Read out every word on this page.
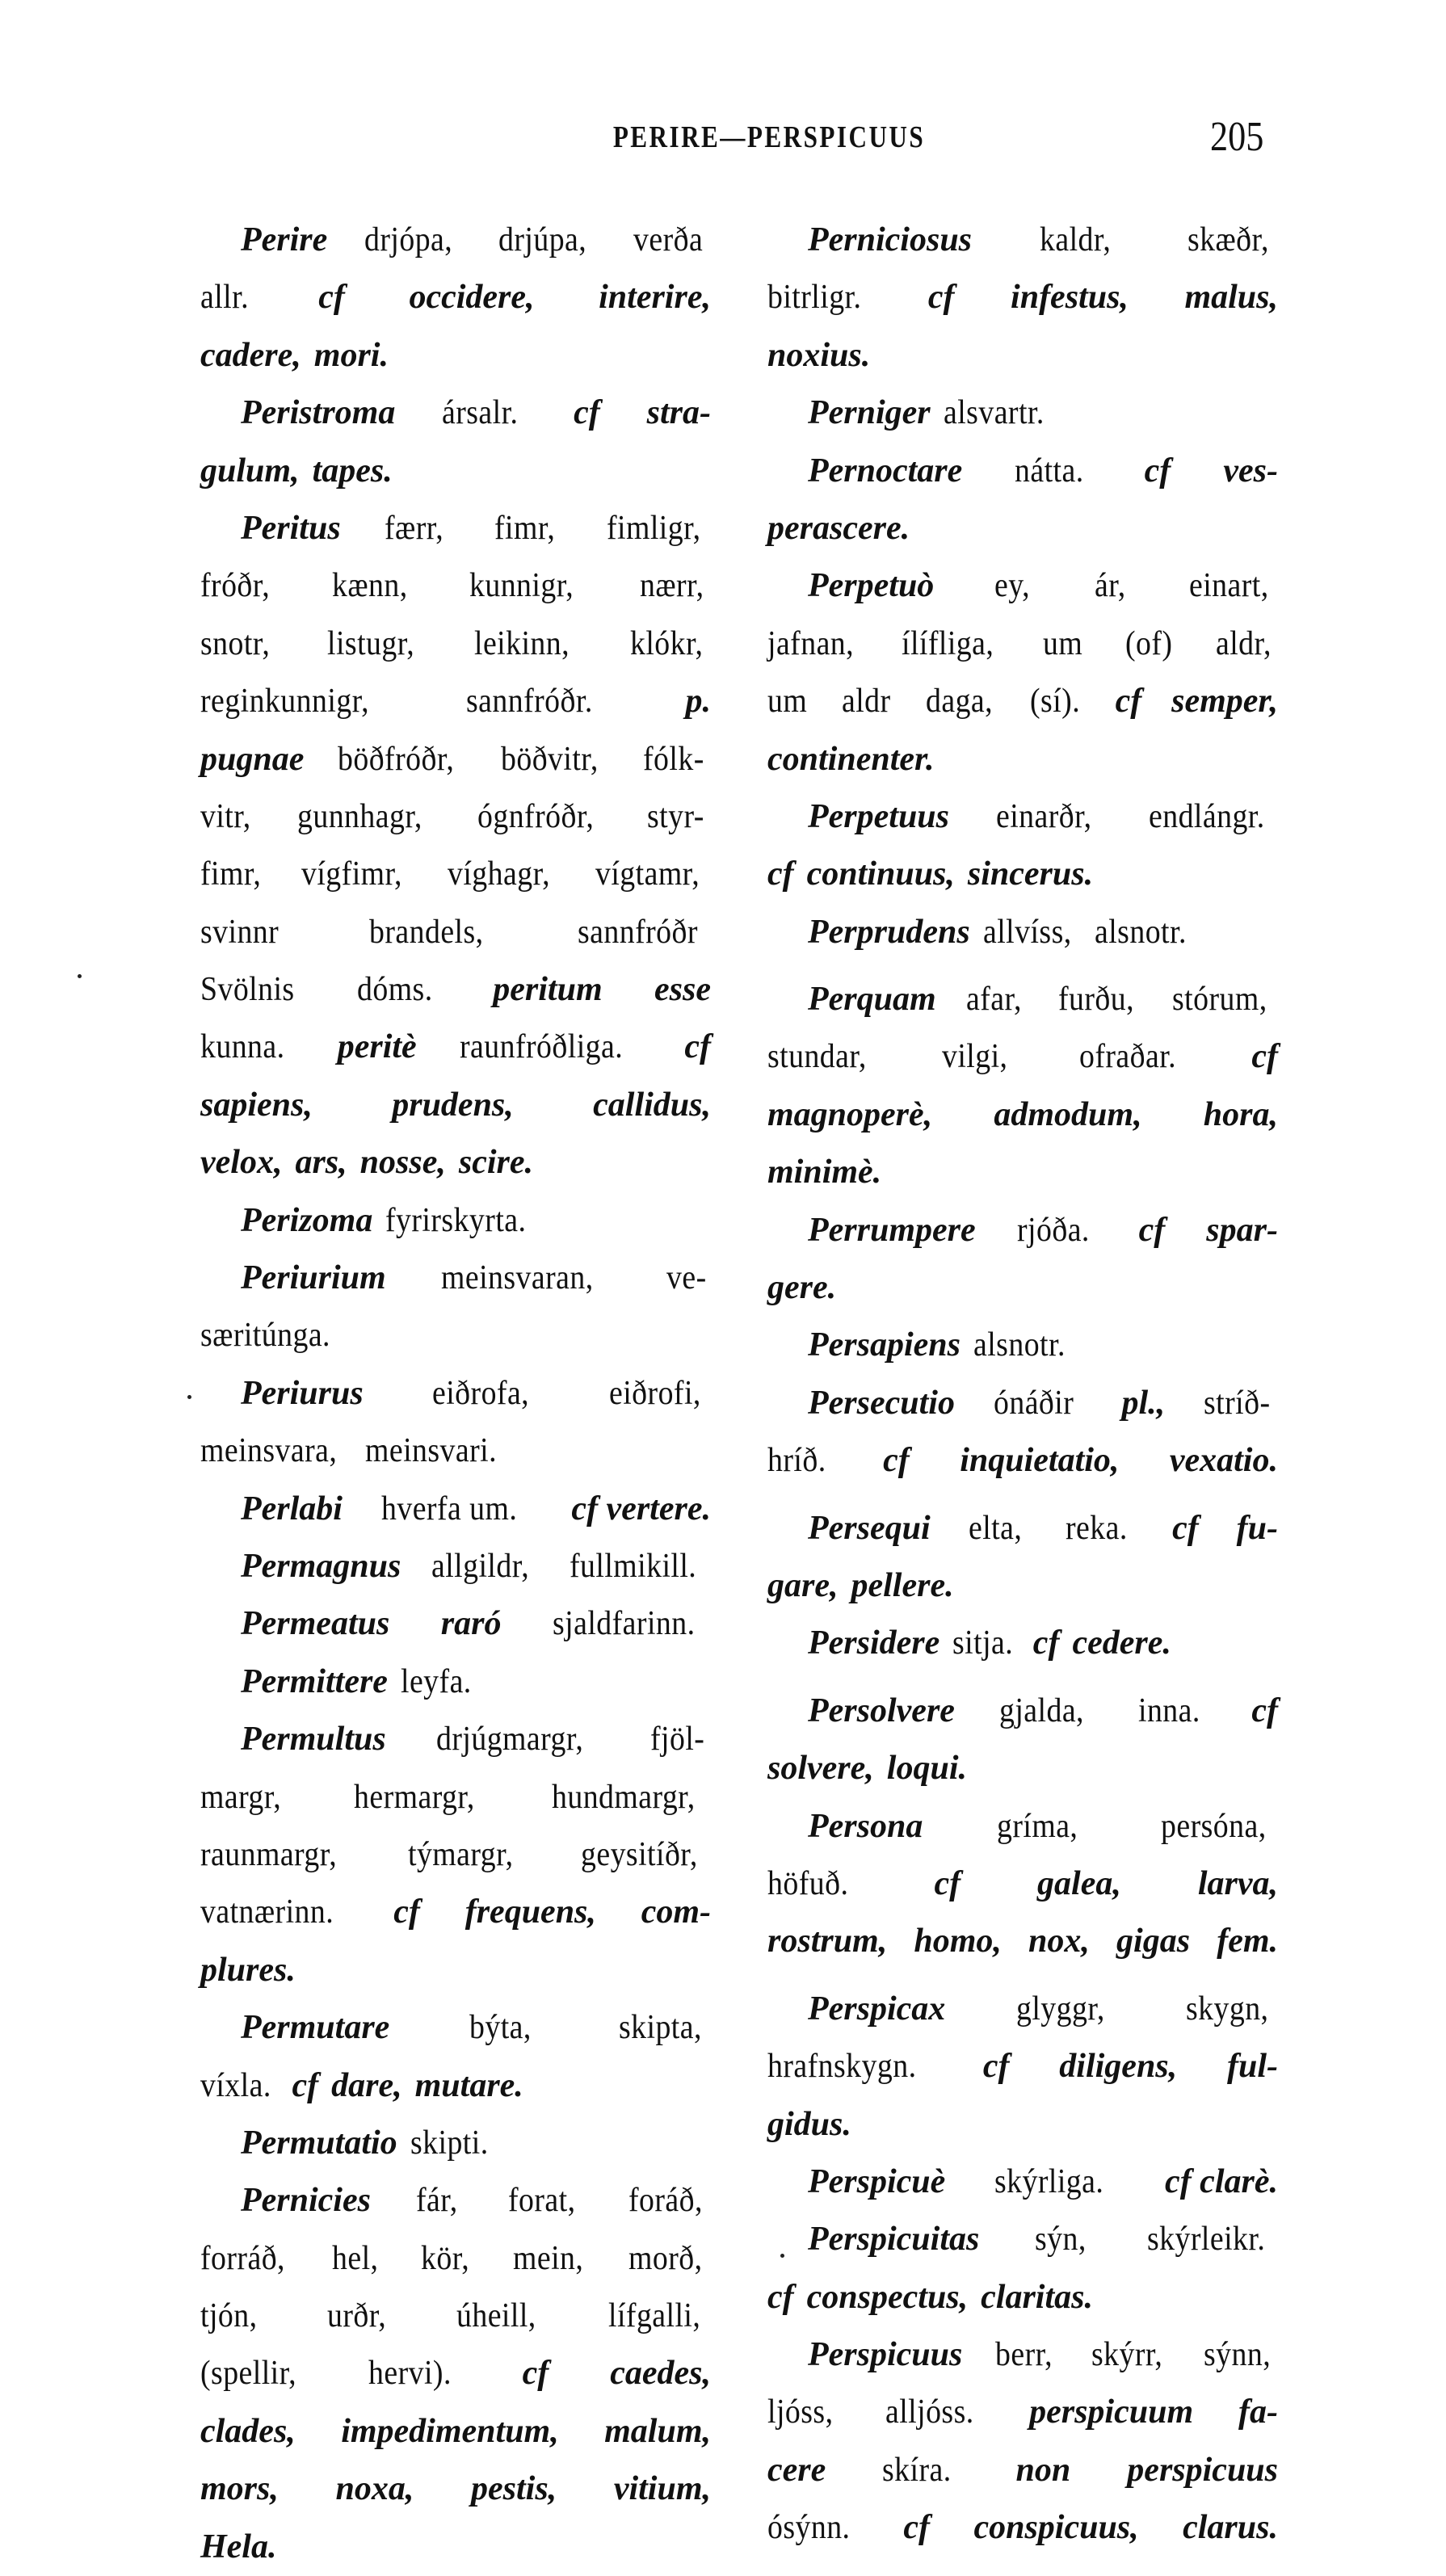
PERIRE—PERSPICUUS	205
Perire drjópa, drjúpa, verða
allr. cf occidere, interire,
cadere, mori.
Peristroma ársalr. cf stra-
gulum, tapes.
Peritus færr, fimr, fimligr,
fróðr, kænn, kunnigr, nærr,
snotr, listugr, leikinn, klókr,
reginkunnigr,	sannfróðr.	p.
pugnae böðfróðr, böðvitr, fólk-
vitr, gunnhagr, ógnfróðr, styr-
fimr, vígfimr, víghagr, vígtamr,
svinnr	brandels,	sannfróðr
Svölnis dóms. peritum esse
kunna. peritè raunfróðliga. cf
sapiens, prudens, callidus,
velox, ars, nosse, scire.
Perizoma fyrirskyrta.
Periurium meinsvaran, ve-
særitúnga.
Periurus eiðrofa, eiðrofi,
meinsvara, meinsvari.
Perlabi hverfa um. cf vertere.
Permagnus allgildr, fullmikill.
Permeatus raró sjaldfarinn.
Permittere leyfa.
Permultus drjúgmargr, fjöl-
margr, hermargr, hundmargr,
raunmargr, týmargr, geysitíðr,
vatnærinn. cf frequens, com-
plures.
Permutare býta,	skipta,
víxla. cf dare, mutare.
Permutatio skipti.
Pernicies fár, forat, foráð,
forráð, hel, kör, mein, morð,
tjón, urðr, úheill, lífgalli,
(spellir, hervi). cf caedes,
clades, impedimentum, malum,
mors, noxa, pestis, vitium,
Hela.
Perniciosus kaldr, skæðr,
bitrligr. cf infestus, malus,
noxius.
Perniger alsvartr.
Pernoctare nátta. cf ves-
perascere.
Perpetuò ey, ár, einart,
jafnan, ílífliga, um (of) aldr,
um aldr daga, (sí). cf semper,
continenter.
Perpetuus einarðr, endlángr.
cf continuus, sincerus.
Perprudens allvíss, alsnotr.
Perquam afar, furðu, stórum,
stundar, vilgi, ofraðar. cf
magnoperè, admodum, hora,
minimè.
Perrumpere rjóða. cf spar-
gere.
Persapiens alsnotr.
Persecutio ónáðir pl., stríð-
hríð. cf inquietatio, vexatio.
Persequi elta, reka. cf fu-
gare, pellere.
Persidere sitja. cf cedere.
Persolvere gjalda, inna. cf
solvere, loqui.
Persona gríma, persóna,
höfuð.	cf galea, larva,
rostrum, homo, nox, gigas fem.
Perspicax glyggr, skygn,
hrafnskygn. cf diligens, ful-
gidus.
Perspicuè skýrliga. cf clarè.
Perspicuitas sýn, skýrleikr.
cf conspectus, claritas.
Perspicuus berr, skýrr, sýnn,
ljóss, alljóss. perspicuum fa-
cere skíra. non perspicuus
ósýnn. cf conspicuus, clarus.
